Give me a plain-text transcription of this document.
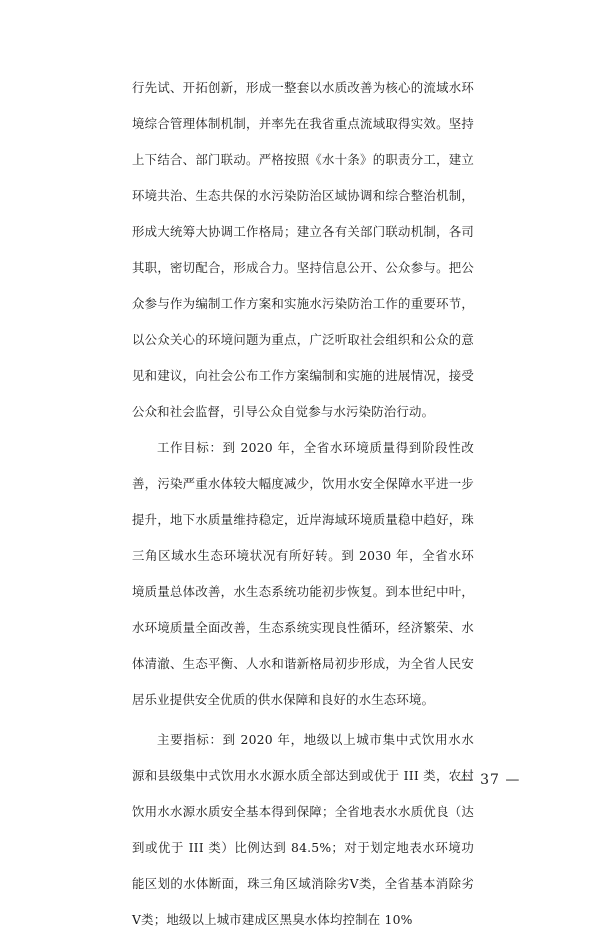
行先试、开拓创新，形成一整套以水质改善为核心的流域水环境综合管理体制机制，并率先在我省重点流域取得实效。坚持上下结合、部门联动。严格按照《水十条》的职责分工，建立环境共治、生态共保的水污染防治区域协调和综合整治机制，形成大统筹大协调工作格局；建立各有关部门联动机制，各司其职，密切配合，形成合力。坚持信息公开、公众参与。把公众参与作为编制工作方案和实施水污染防治工作的重要环节，以公众关心的环境问题为重点，广泛听取社会组织和公众的意见和建议，向社会公布工作方案编制和实施的进展情况，接受公众和社会监督，引导公众自觉参与水污染防治行动。

工作目标：到 2020 年，全省水环境质量得到阶段性改善，污染严重水体较大幅度减少，饮用水安全保障水平进一步提升，地下水质量维持稳定，近岸海域环境质量稳中趋好，珠三角区域水生态环境状况有所好转。到 2030 年，全省水环境质量总体改善，水生态系统功能初步恢复。到本世纪中叶，水环境质量全面改善，生态系统实现良性循环，经济繁荣、水体清澈、生态平衡、人水和谐新格局初步形成，为全省人民安居乐业提供安全优质的供水保障和良好的水生态环境。

主要指标：到 2020 年，地级以上城市集中式饮用水水源和县级集中式饮用水水源水质全部达到或优于 III 类，农村饮用水水源水质安全基本得到保障；全省地表水水质优良（达到或优于 III 类）比例达到 84.5%；对于划定地表水环境功能区划的水体断面，珠三角区域消除劣Ⅴ类，全省基本消除劣Ⅴ类；地级以上城市建成区黑臭水体均控制在 10%

— 37 —
